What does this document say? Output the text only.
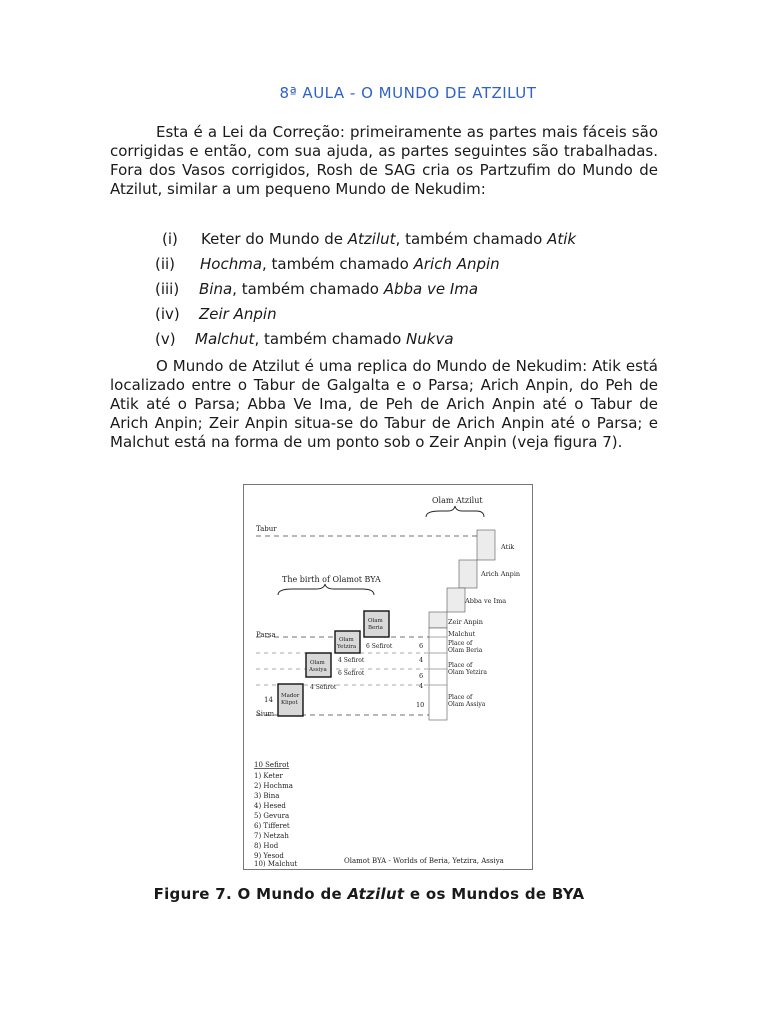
8ª AULA - O MUNDO DE ATZILUT

Esta é a Lei da Correção: primeiramente as partes mais fáceis são corrigidas e então, com sua ajuda, as partes seguintes são trabalhadas. Fora dos Vasos corrigidos, Rosh de SAG cria os Partzufim do Mundo de Atzilut, similar a um pequeno Mundo de Nekudim:

(i) Keter do Mundo de Atzilut, também chamado Atik
(ii) Hochma, também chamado Arich Anpin
(iii) Bina, também chamado Abba ve Ima
(iv) Zeir Anpin
(v) Malchut, também chamado Nukva

O Mundo de Atzilut é uma replica do Mundo de Nekudim: Atik está localizado entre o Tabur de Galgalta e o Parsa; Arich Anpin, do Peh de Atik até o Parsa; Abba Ve Ima, de Peh de Arich Anpin até o Tabur de Arich Anpin; Zeir Anpin situa-se do Tabur de Arich Anpin até o Parsa; e Malchut está na forma de um ponto sob o Zeir Anpin (veja figura 7).

Olam Atzilut
Atik
Arich Anpin
Abba ve Ima
Zeir Anpin
Malchut
Place of
Olam Beria
Place of
Olam Yetzira
Place of
Olam Assiya
6
4
6
4
10
The birth of Olamot BYA
Olam
Beria
Olam
Yetzira
Olam
Assiya
Mador
Klipot
6 Sefirot
4 Sefirot
6 Sefirot
4 Sefirot
Tabur
Parsa
14
Sium
10 Sefirot
1) Keter
2) Hochma
3) Bina
4) Hesed
5) Gevura
6) Tifferet
7) Netzah
8) Hod
9) Yesod
10) Malchut	Olamot BYA - Worlds of Beria, Yetzira, Assiya
Figure 7. O Mundo de Atzilut e os Mundos de BYA
